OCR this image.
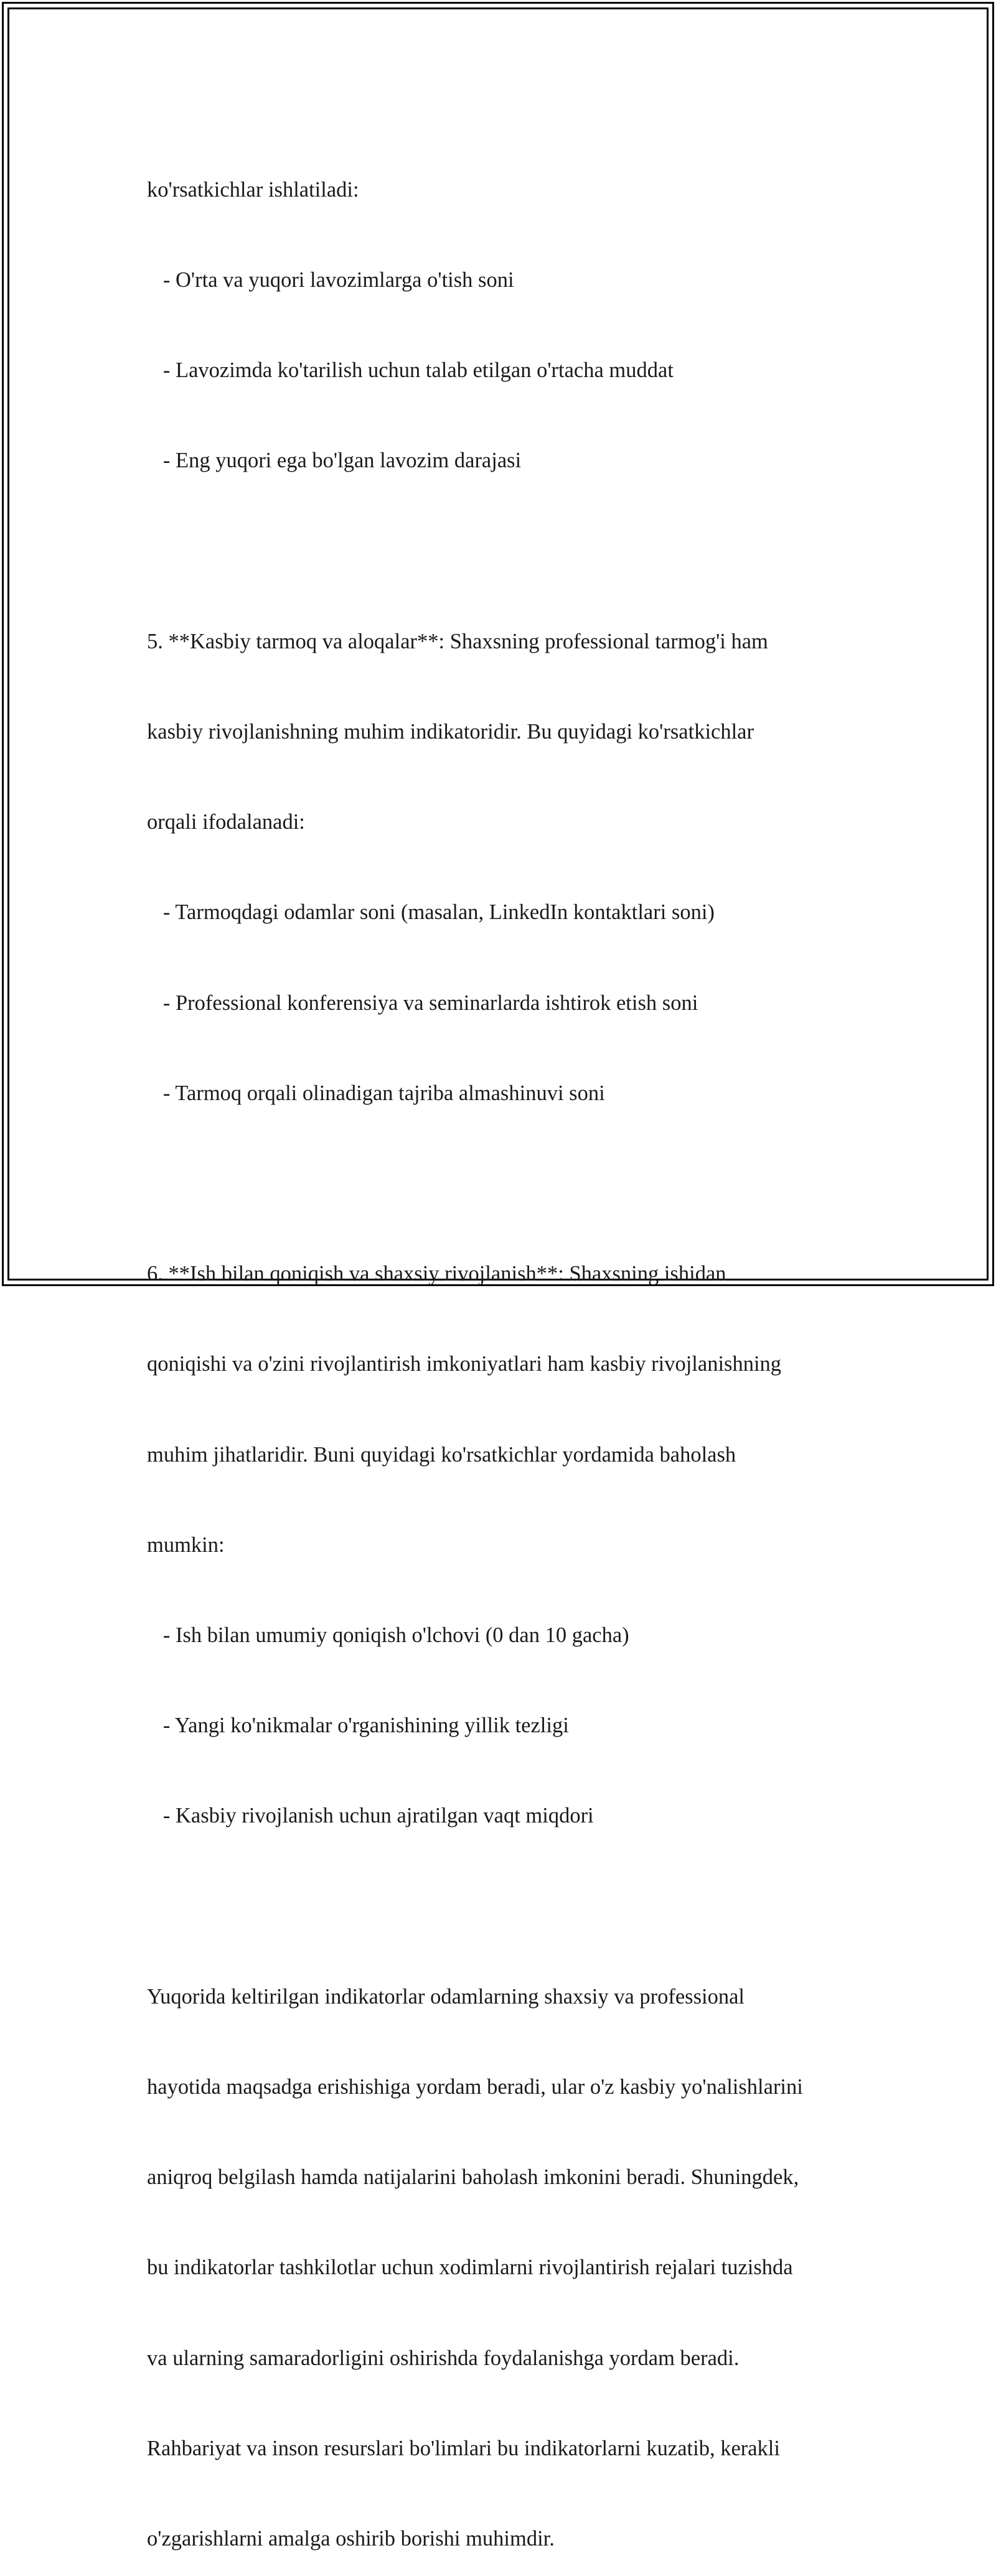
ko'rsatkichlar ishlatiladi:

- O'rta va yuqori lavozimlarga o'tish soni

- Lavozimda ko'tarilish uchun talab etilgan o'rtacha muddat

- Eng yuqori ega bo'lgan lavozim darajasi

5. **Kasbiy tarmoq va aloqalar**: Shaxsning professional tarmog'i ham

kasbiy rivojlanishning muhim indikatoridir. Bu quyidagi ko'rsatkichlar

orqali ifodalanadi:

- Tarmoqdagi odamlar soni (masalan, LinkedIn kontaktlari soni)

- Professional konferensiya va seminarlarda ishtirok etish soni

- Tarmoq orqali olinadigan tajriba almashinuvi soni

6. **Ish bilan qoniqish va shaxsiy rivojlanish**: Shaxsning ishidan

qoniqishi va o'zini rivojlantirish imkoniyatlari ham kasbiy rivojlanishning

muhim jihatlaridir. Buni quyidagi ko'rsatkichlar yordamida baholash

mumkin:

- Ish bilan umumiy qoniqish o'lchovi (0 dan 10 gacha)

- Yangi ko'nikmalar o'rganishining yillik tezligi

- Kasbiy rivojlanish uchun ajratilgan vaqt miqdori

Yuqorida keltirilgan indikatorlar odamlarning shaxsiy va professional

hayotida maqsadga erishishiga yordam beradi, ular o'z kasbiy yo'nalishlarini

aniqroq belgilash hamda natijalarini baholash imkonini beradi. Shuningdek,

bu indikatorlar tashkilotlar uchun xodimlarni rivojlantirish rejalari tuzishda

va ularning samaradorligini oshirishda foydalanishga yordam beradi.

Rahbariyat va inson resurslari bo'limlari bu indikatorlarni kuzatib, kerakli

o'zgarishlarni amalga oshirib borishi muhimdir.
